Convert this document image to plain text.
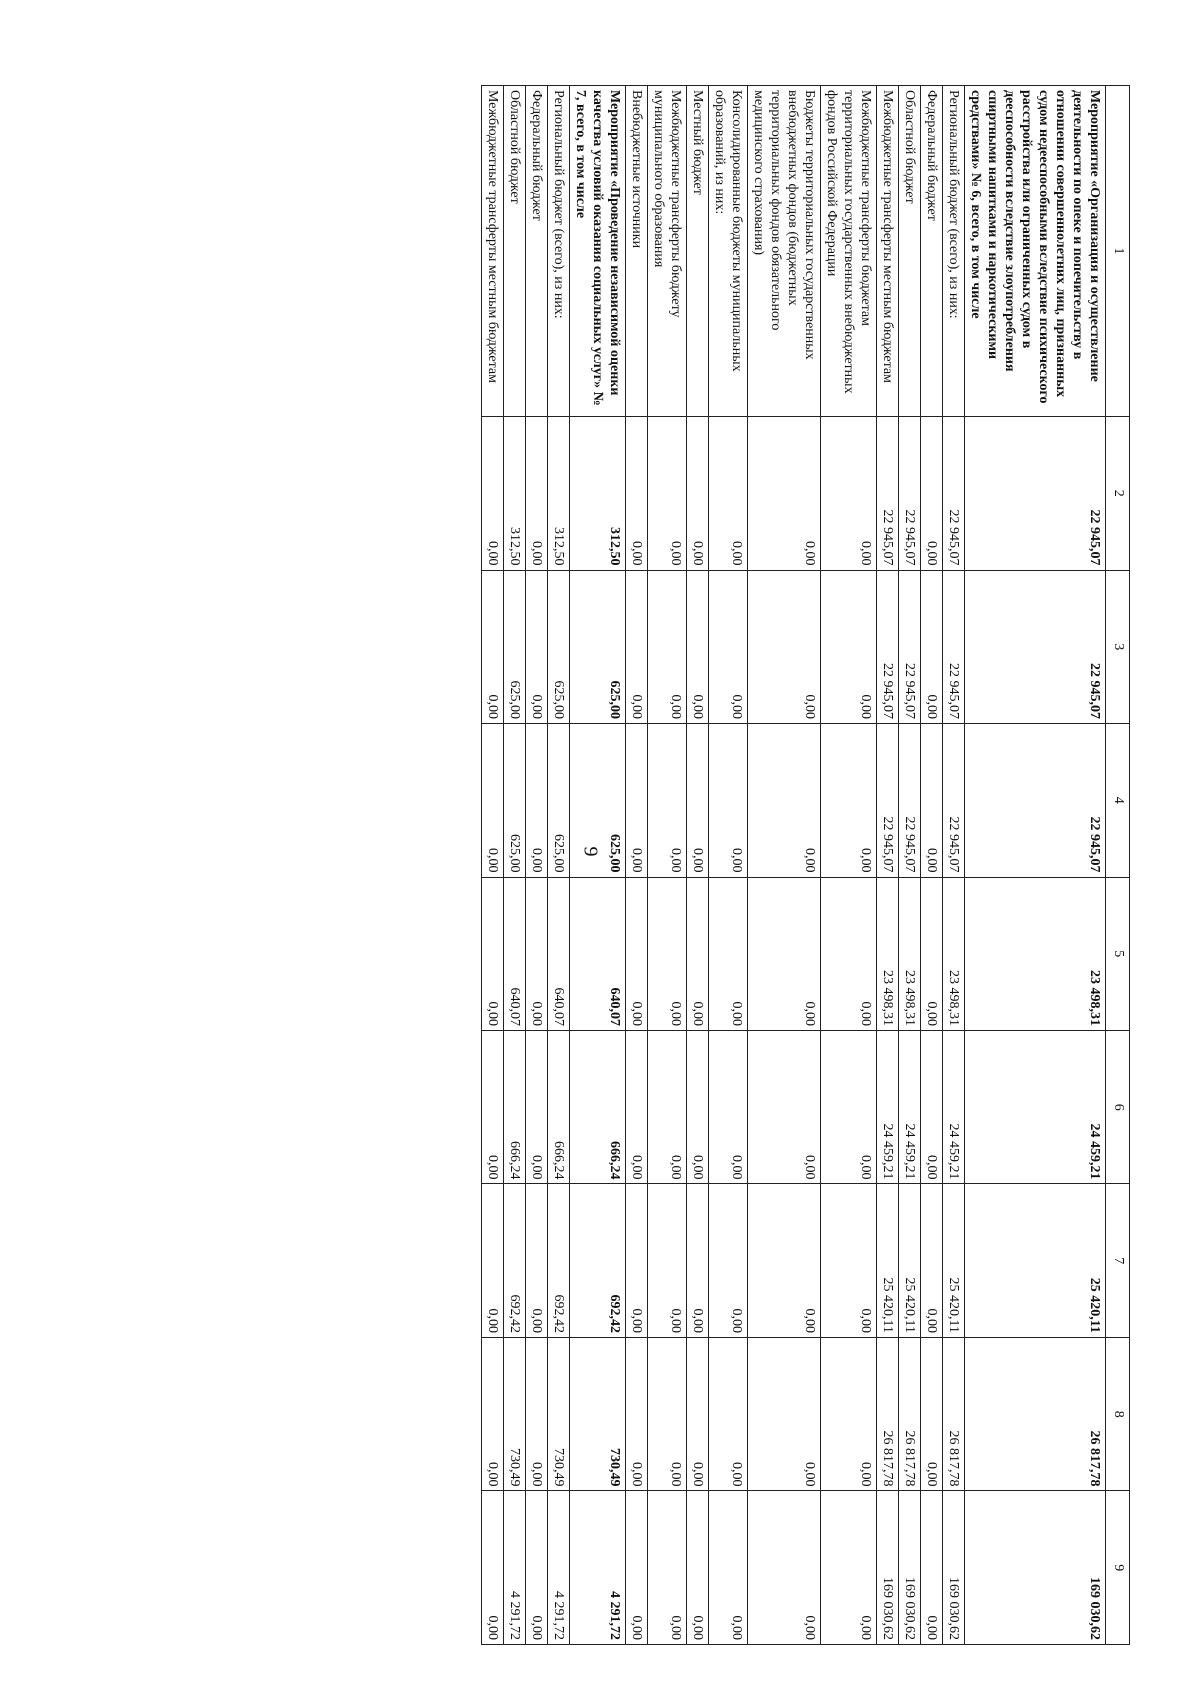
9
1	2	3	4	5	6	7	8	9
Мероприятие «Организация и осуществление деятельности по опеке и попечительству в отношении совершеннолетних лиц, признанных судом недееспособными вследствие психического расстройства или ограниченных судом в дееспособности вследствие злоупотребления спиртными напитками и наркотическими средствами» № 6, всего, в том числе	22 945,07	22 945,07	22 945,07	23 498,31	24 459,21	25 420,11	26 817,78	169 030,62
Региональный бюджет (всего), из них:	22 945,07	22 945,07	22 945,07	23 498,31	24 459,21	25 420,11	26 817,78	169 030,62
Федеральный бюджет	0,00	0,00	0,00	0,00	0,00	0,00	0,00	0,00
Областной бюджет	22 945,07	22 945,07	22 945,07	23 498,31	24 459,21	25 420,11	26 817,78	169 030,62
Межбюджетные трансферты местным бюджетам	22 945,07	22 945,07	22 945,07	23 498,31	24 459,21	25 420,11	26 817,78	169 030,62
Межбюджетные трансферты бюджетам территориальных государственных внебюджетных фондов Российской Федерации	0,00	0,00	0,00	0,00	0,00	0,00	0,00	0,00
Бюджеты территориальных государственных внебюджетных фондов (бюджетных территориальных фондов обязательного медицинского страхования)	0,00	0,00	0,00	0,00	0,00	0,00	0,00	0,00
Консолидированные бюджеты муниципальных образований, из них:	0,00	0,00	0,00	0,00	0,00	0,00	0,00	0,00
Местный бюджет	0,00	0,00	0,00	0,00	0,00	0,00	0,00	0,00
Межбюджетные трансферты бюджету муниципального образования	0,00	0,00	0,00	0,00	0,00	0,00	0,00	0,00
Внебюджетные источники	0,00	0,00	0,00	0,00	0,00	0,00	0,00	0,00
Мероприятие «Проведение независимой оценки качества условий оказания социальных услуг» № 7, всего, в том числе	312,50	625,00	625,00	640,07	666,24	692,42	730,49	4 291,72
Региональный бюджет (всего), из них:	312,50	625,00	625,00	640,07	666,24	692,42	730,49	4 291,72
Федеральный бюджет	0,00	0,00	0,00	0,00	0,00	0,00	0,00	0,00
Областной бюджет	312,50	625,00	625,00	640,07	666,24	692,42	730,49	4 291,72
Межбюджетные трансферты местным бюджетам	0,00	0,00	0,00	0,00	0,00	0,00	0,00	0,00
